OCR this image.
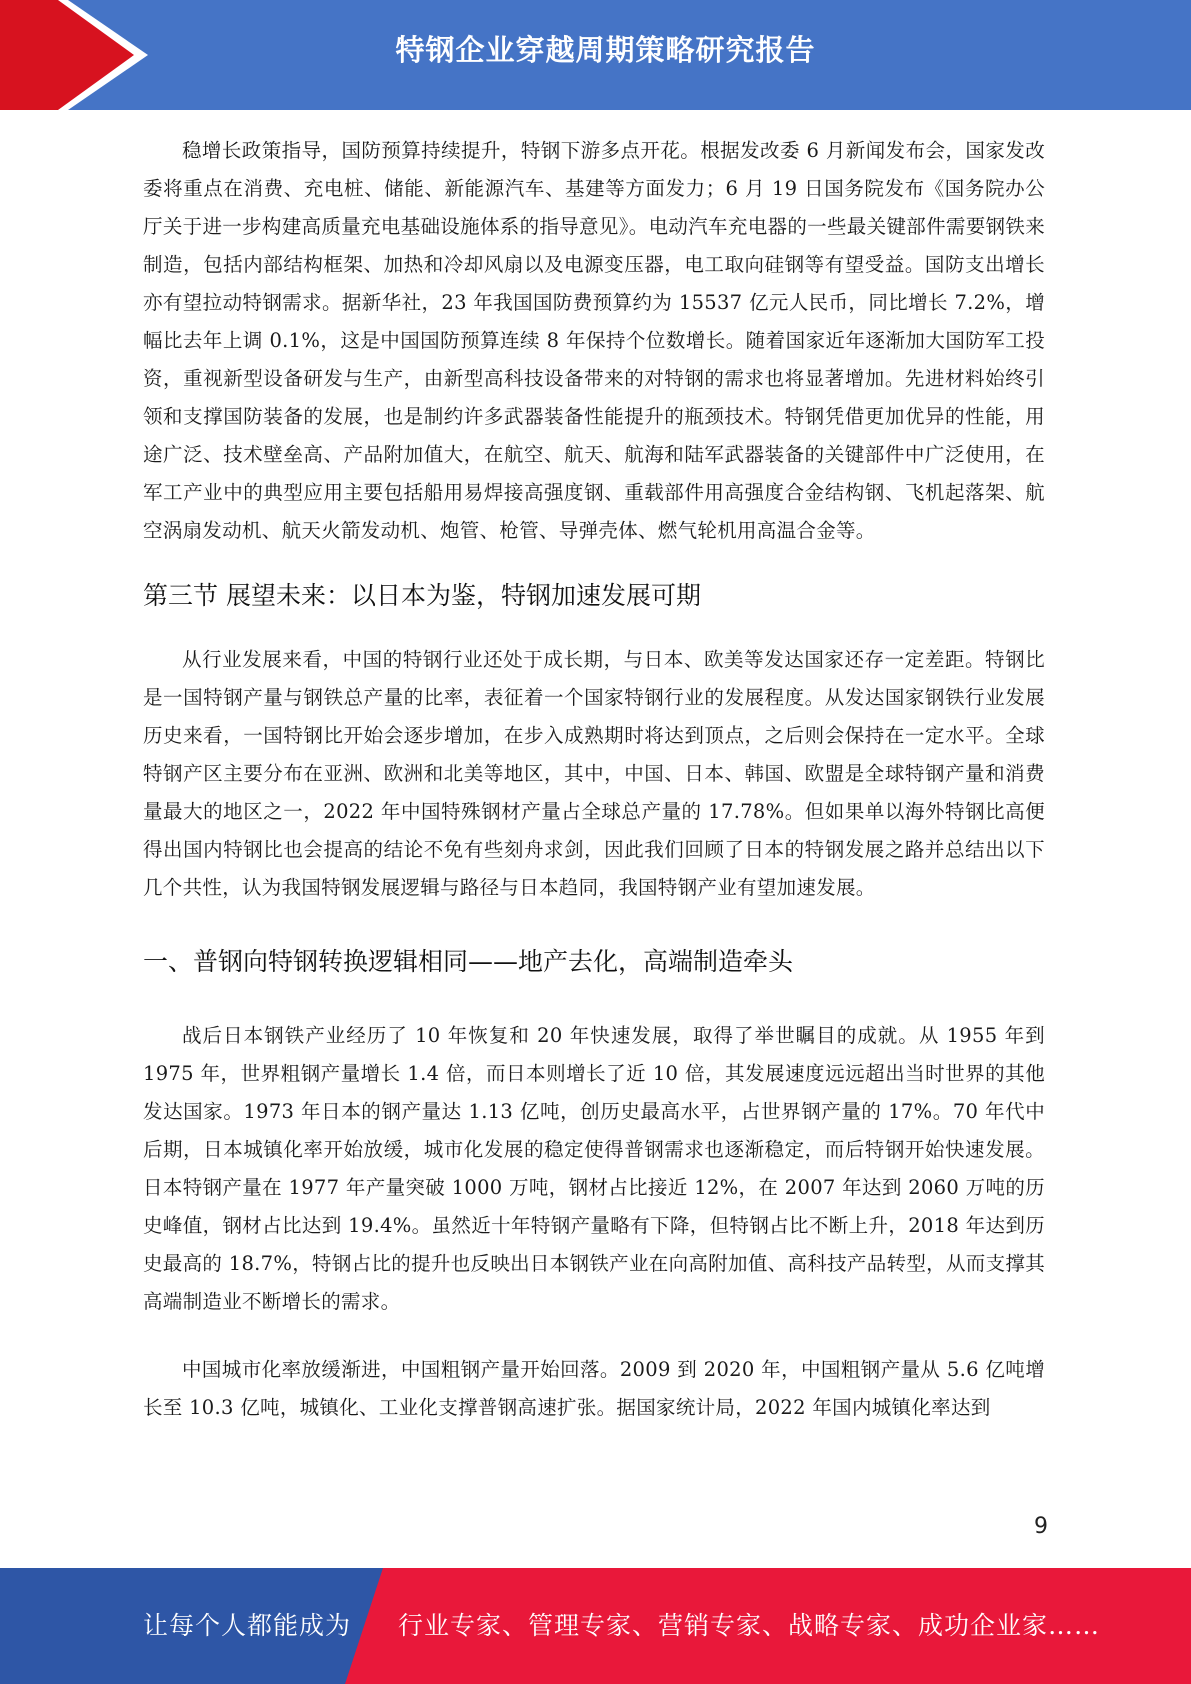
特钢企业穿越周期策略研究报告

稳增长政策指导，国防预算持续提升，特钢下游多点开花。根据发改委 6 月新闻发布会，国家发改委将重点在消费、充电桩、储能、新能源汽车、基建等方面发力；6 月 19 日国务院发布《国务院办公厅关于进一步构建高质量充电基础设施体系的指导意见》。电动汽车充电器的一些最关键部件需要钢铁来制造，包括内部结构框架、加热和冷却风扇以及电源变压器，电工取向硅钢等有望受益。国防支出增长亦有望拉动特钢需求。据新华社，23 年我国国防费预算约为 15537 亿元人民币，同比增长 7.2%，增幅比去年上调 0.1%，这是中国国防预算连续 8 年保持个位数增长。随着国家近年逐渐加大国防军工投资，重视新型设备研发与生产，由新型高科技设备带来的对特钢的需求也将显著增加。先进材料始终引领和支撑国防装备的发展，也是制约许多武器装备性能提升的瓶颈技术。特钢凭借更加优异的性能，用途广泛、技术壁垒高、产品附加值大，在航空、航天、航海和陆军武器装备的关键部件中广泛使用，在军工产业中的典型应用主要包括船用易焊接高强度钢、重载部件用高强度合金结构钢、飞机起落架、航空涡扇发动机、航天火箭发动机、炮管、枪管、导弹壳体、燃气轮机用高温合金等。

第三节 展望未来：以日本为鉴，特钢加速发展可期

从行业发展来看，中国的特钢行业还处于成长期，与日本、欧美等发达国家还存一定差距。特钢比是一国特钢产量与钢铁总产量的比率，表征着一个国家特钢行业的发展程度。从发达国家钢铁行业发展历史来看，一国特钢比开始会逐步增加，在步入成熟期时将达到顶点，之后则会保持在一定水平。全球特钢产区主要分布在亚洲、欧洲和北美等地区，其中，中国、日本、韩国、欧盟是全球特钢产量和消费量最大的地区之一，2022 年中国特殊钢材产量占全球总产量的 17.78%。但如果单以海外特钢比高便得出国内特钢比也会提高的结论不免有些刻舟求剑，因此我们回顾了日本的特钢发展之路并总结出以下几个共性，认为我国特钢发展逻辑与路径与日本趋同，我国特钢产业有望加速发展。

一、普钢向特钢转换逻辑相同——地产去化，高端制造牵头

战后日本钢铁产业经历了 10 年恢复和 20 年快速发展，取得了举世瞩目的成就。从 1955 年到 1975 年，世界粗钢产量增长 1.4 倍，而日本则增长了近 10 倍，其发展速度远远超出当时世界的其他发达国家。1973 年日本的钢产量达 1.13 亿吨，创历史最高水平，占世界钢产量的 17%。70 年代中后期，日本城镇化率开始放缓，城市化发展的稳定使得普钢需求也逐渐稳定，而后特钢开始快速发展。日本特钢产量在 1977 年产量突破 1000 万吨，钢材占比接近 12%，在 2007 年达到 2060 万吨的历史峰值，钢材占比达到 19.4%。虽然近十年特钢产量略有下降，但特钢占比不断上升，2018 年达到历史最高的 18.7%，特钢占比的提升也反映出日本钢铁产业在向高附加值、高科技产品转型，从而支撑其高端制造业不断增长的需求。

中国城市化率放缓渐进，中国粗钢产量开始回落。2009 到 2020 年，中国粗钢产量从 5.6 亿吨增长至 10.3 亿吨，城镇化、工业化支撑普钢高速扩张。据国家统计局，2022 年国内城镇化率达到

9
让每个人都能成为 行业专家、管理专家、营销专家、战略专家、成功企业家……
